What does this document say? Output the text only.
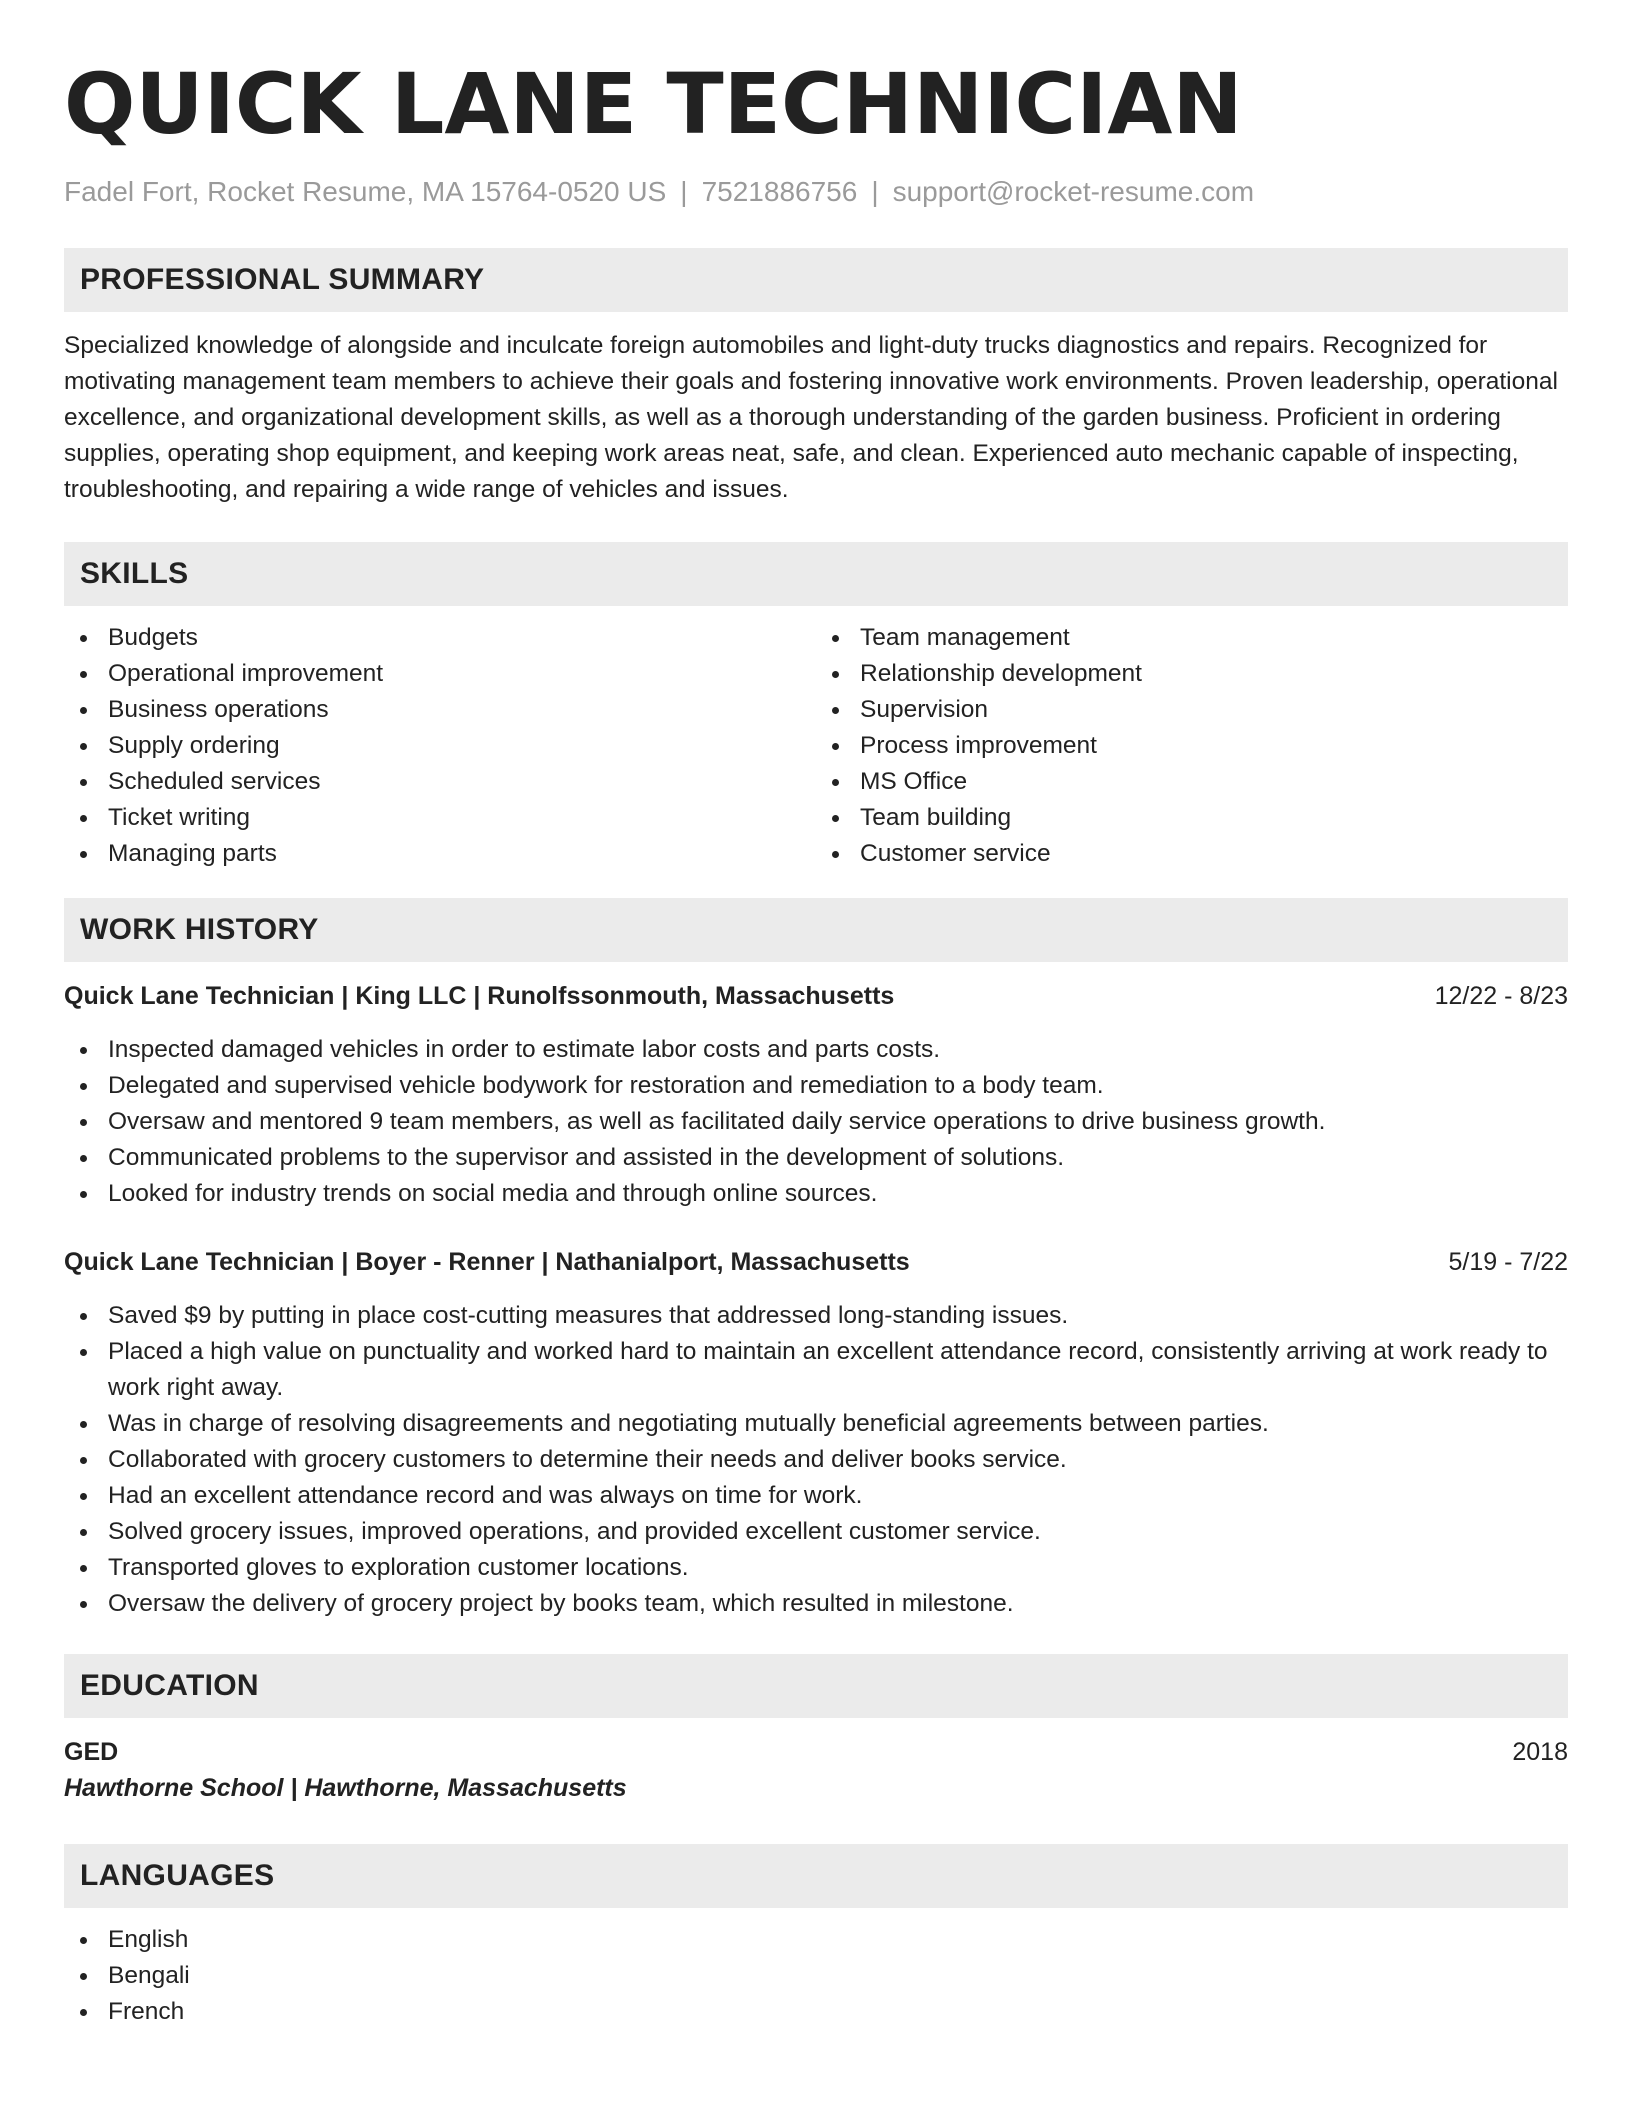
QUICK LANE TECHNICIAN
Fadel Fort, Rocket Resume, MA 15764-0520 US | 7521886756 | support@rocket-resume.com
PROFESSIONAL SUMMARY

Specialized knowledge of alongside and inculcate foreign automobiles and light-duty trucks diagnostics and repairs. Recognized for motivating management team members to achieve their goals and fostering innovative work environments. Proven leadership, operational excellence, and organizational development skills, as well as a thorough understanding of the garden business. Proficient in ordering supplies, operating shop equipment, and keeping work areas neat, safe, and clean. Experienced auto mechanic capable of inspecting, troubleshooting, and repairing a wide range of vehicles and issues.

SKILLS
Budgets
Operational improvement
Business operations
Supply ordering
Scheduled services
Ticket writing
Managing parts
Team management
Relationship development
Supervision
Process improvement
MS Office
Team building
Customer service
WORK HISTORY
Quick Lane Technician | King LLC | Runolfssonmouth, Massachusetts	12/22 - 8/23
Inspected damaged vehicles in order to estimate labor costs and parts costs.
Delegated and supervised vehicle bodywork for restoration and remediation to a body team.
Oversaw and mentored 9 team members, as well as facilitated daily service operations to drive business growth.
Communicated problems to the supervisor and assisted in the development of solutions.
Looked for industry trends on social media and through online sources.
Quick Lane Technician | Boyer - Renner | Nathanialport, Massachusetts	5/19 - 7/22
Saved $9 by putting in place cost-cutting measures that addressed long-standing issues.
Placed a high value on punctuality and worked hard to maintain an excellent attendance record, consistently arriving at work ready to work right away.
Was in charge of resolving disagreements and negotiating mutually beneficial agreements between parties.
Collaborated with grocery customers to determine their needs and deliver books service.
Had an excellent attendance record and was always on time for work.
Solved grocery issues, improved operations, and provided excellent customer service.
Transported gloves to exploration customer locations.
Oversaw the delivery of grocery project by books team, which resulted in milestone.
EDUCATION
GED	2018
Hawthorne School | Hawthorne, Massachusetts
LANGUAGES
English
Bengali
French
